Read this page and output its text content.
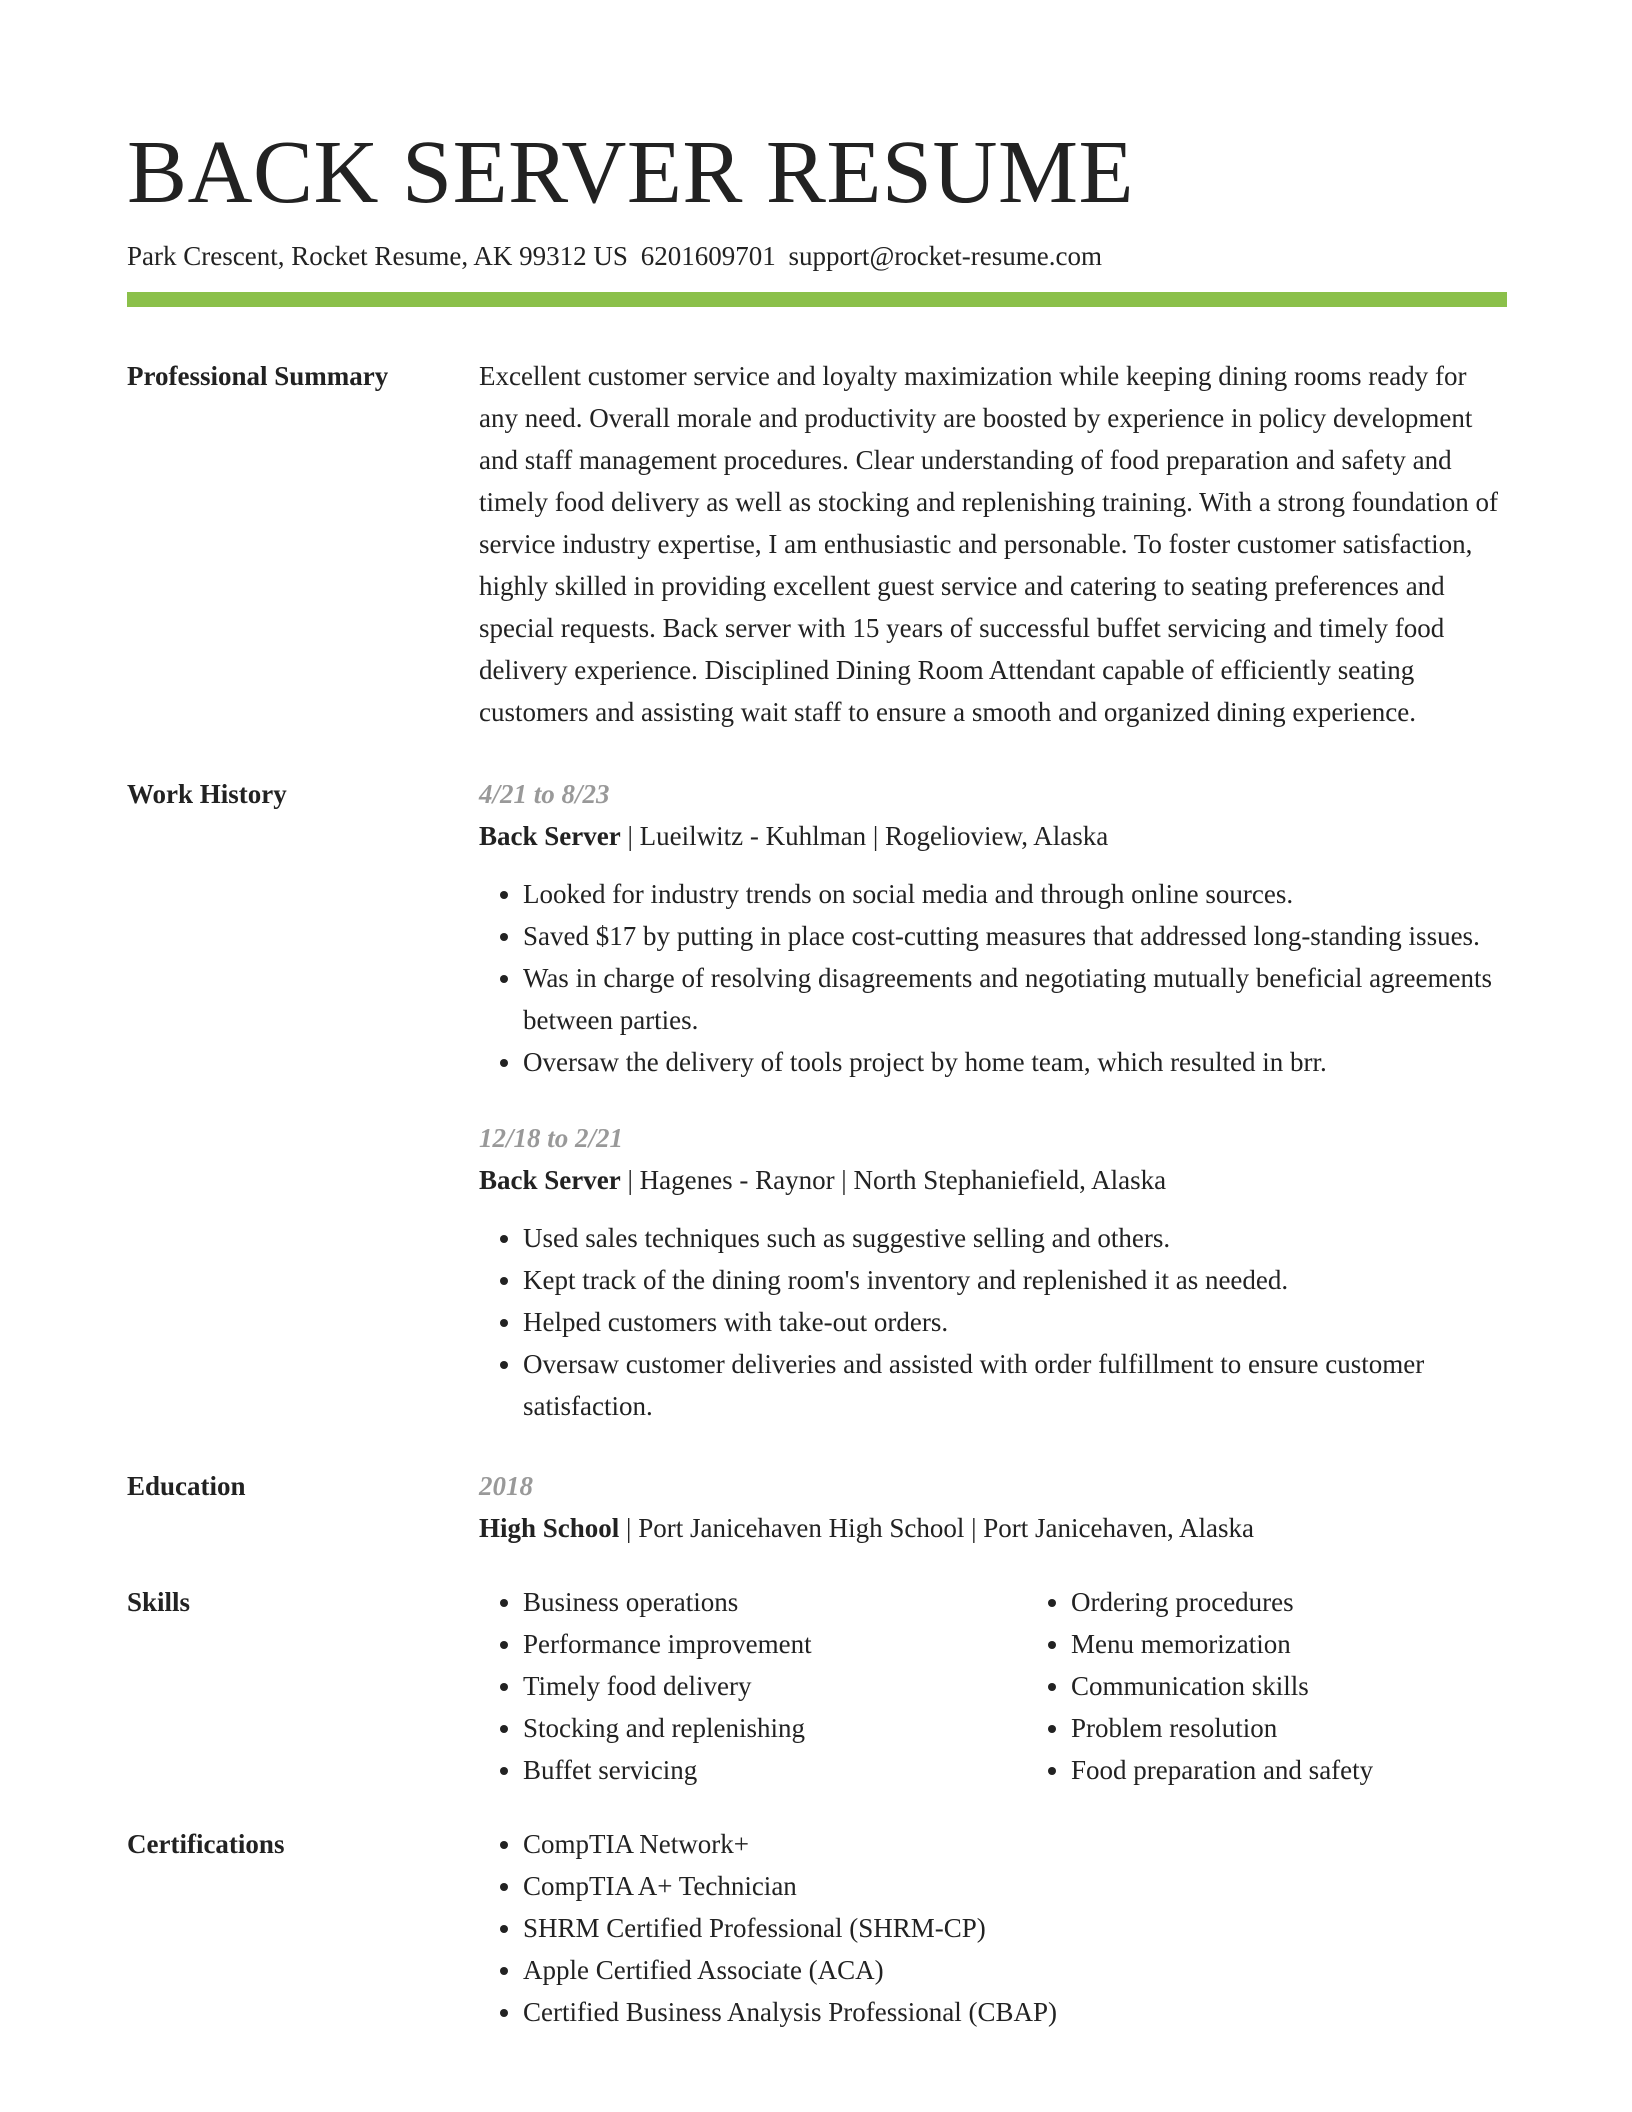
BACK SERVER RESUME
Park Crescent, Rocket Resume, AK 99312 US 6201609701 support@rocket-resume.com
Professional Summary	Excellent customer service and loyalty maximization while keeping dining rooms ready for any need. Overall morale and productivity are boosted by experience in policy development and staff management procedures. Clear understanding of food preparation and safety and timely food delivery as well as stocking and replenishing training. With a strong foundation of service industry expertise, I am enthusiastic and personable. To foster customer satisfaction, highly skilled in providing excellent guest service and catering to seating preferences and special requests. Back server with 15 years of successful buffet servicing and timely food delivery experience. Disciplined Dining Room Attendant capable of efficiently seating customers and assisting wait staff to ensure a smooth and organized dining experience.

Work History	4/21 to 8/23
Back Server | Lueilwitz - Kuhlman | Rogelioview, Alaska
• Looked for industry trends on social media and through online sources.
• Saved $17 by putting in place cost-cutting measures that addressed long-standing issues.
• Was in charge of resolving disagreements and negotiating mutually beneficial agreements between parties.
• Oversaw the delivery of tools project by home team, which resulted in brr.
12/18 to 2/21
Back Server | Hagenes - Raynor | North Stephaniefield, Alaska
• Used sales techniques such as suggestive selling and others.
• Kept track of the dining room's inventory and replenished it as needed.
• Helped customers with take-out orders.
• Oversaw customer deliveries and assisted with order fulfillment to ensure customer satisfaction.
Education	2018
High School | Port Janicehaven High School | Port Janicehaven, Alaska
Skills	• Business operations
• Performance improvement
• Timely food delivery
• Stocking and replenishing
• Buffet servicing
• Ordering procedures
• Menu memorization
• Communication skills
• Problem resolution
• Food preparation and safety
Certifications	• CompTIA Network+
• CompTIA A+ Technician
• SHRM Certified Professional (SHRM-CP)
• Apple Certified Associate (ACA)
• Certified Business Analysis Professional (CBAP)
